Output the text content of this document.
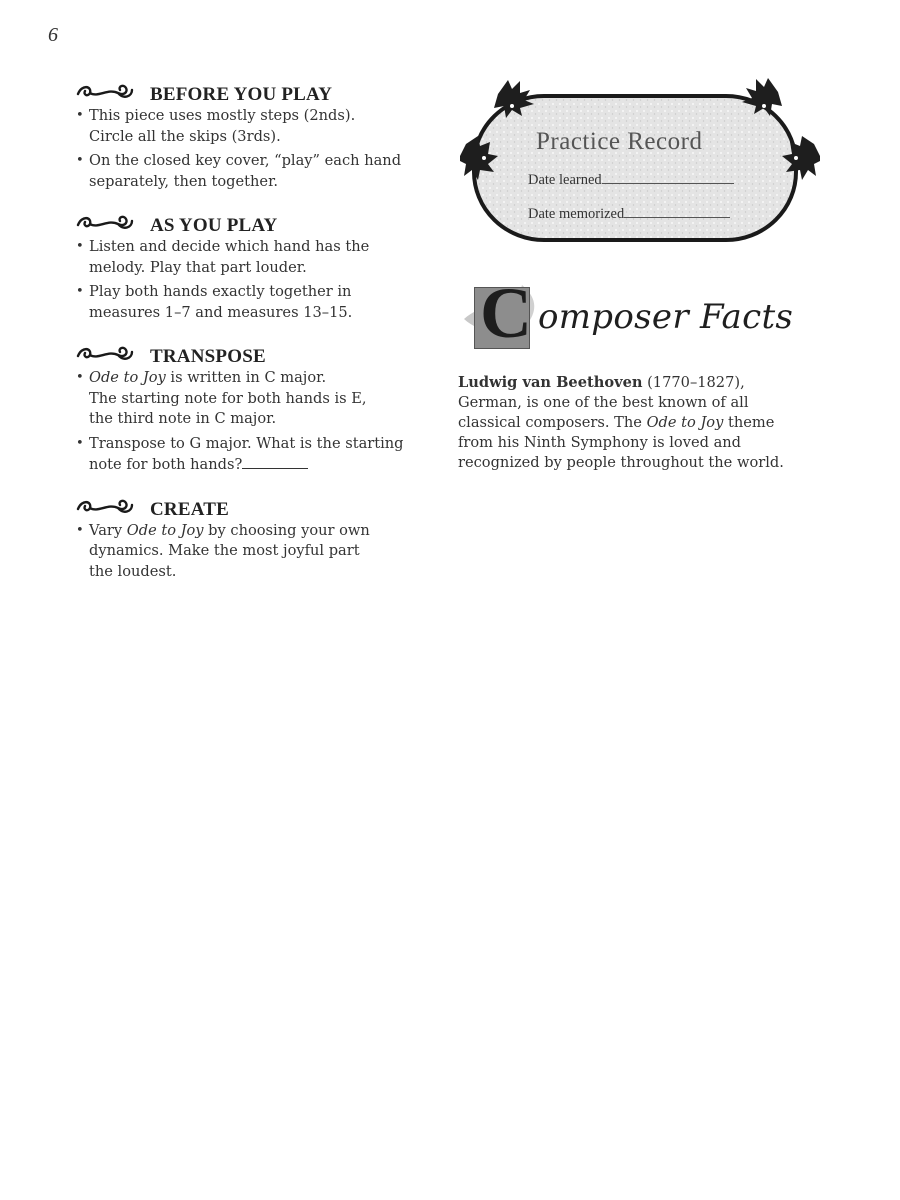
6
BEFORE YOU PLAY
• This piece uses mostly steps (2nds).
Circle all the skips (3rds).
• On the closed key cover, “play” each hand
separately, then together.
AS YOU PLAY
• Listen and decide which hand has the
melody. Play that part louder.
• Play both hands exactly together in
measures 1–7 and measures 13–15.
TRANSPOSE
• Ode to Joy is written in C major.
The starting note for both hands is E,
the third note in C major.
• Transpose to G major. What is the starting
note for both hands?
CREATE
• Vary Ode to Joy by choosing your own
dynamics. Make the most joyful part
the loudest.
Practice Record
Date learned
Date memorized
C omposer Facts
Ludwig van Beethoven (1770–1827),
German, is one of the best known of all
classical composers. The Ode to Joy theme
from his Ninth Symphony is loved and
recognized by people throughout the world.
